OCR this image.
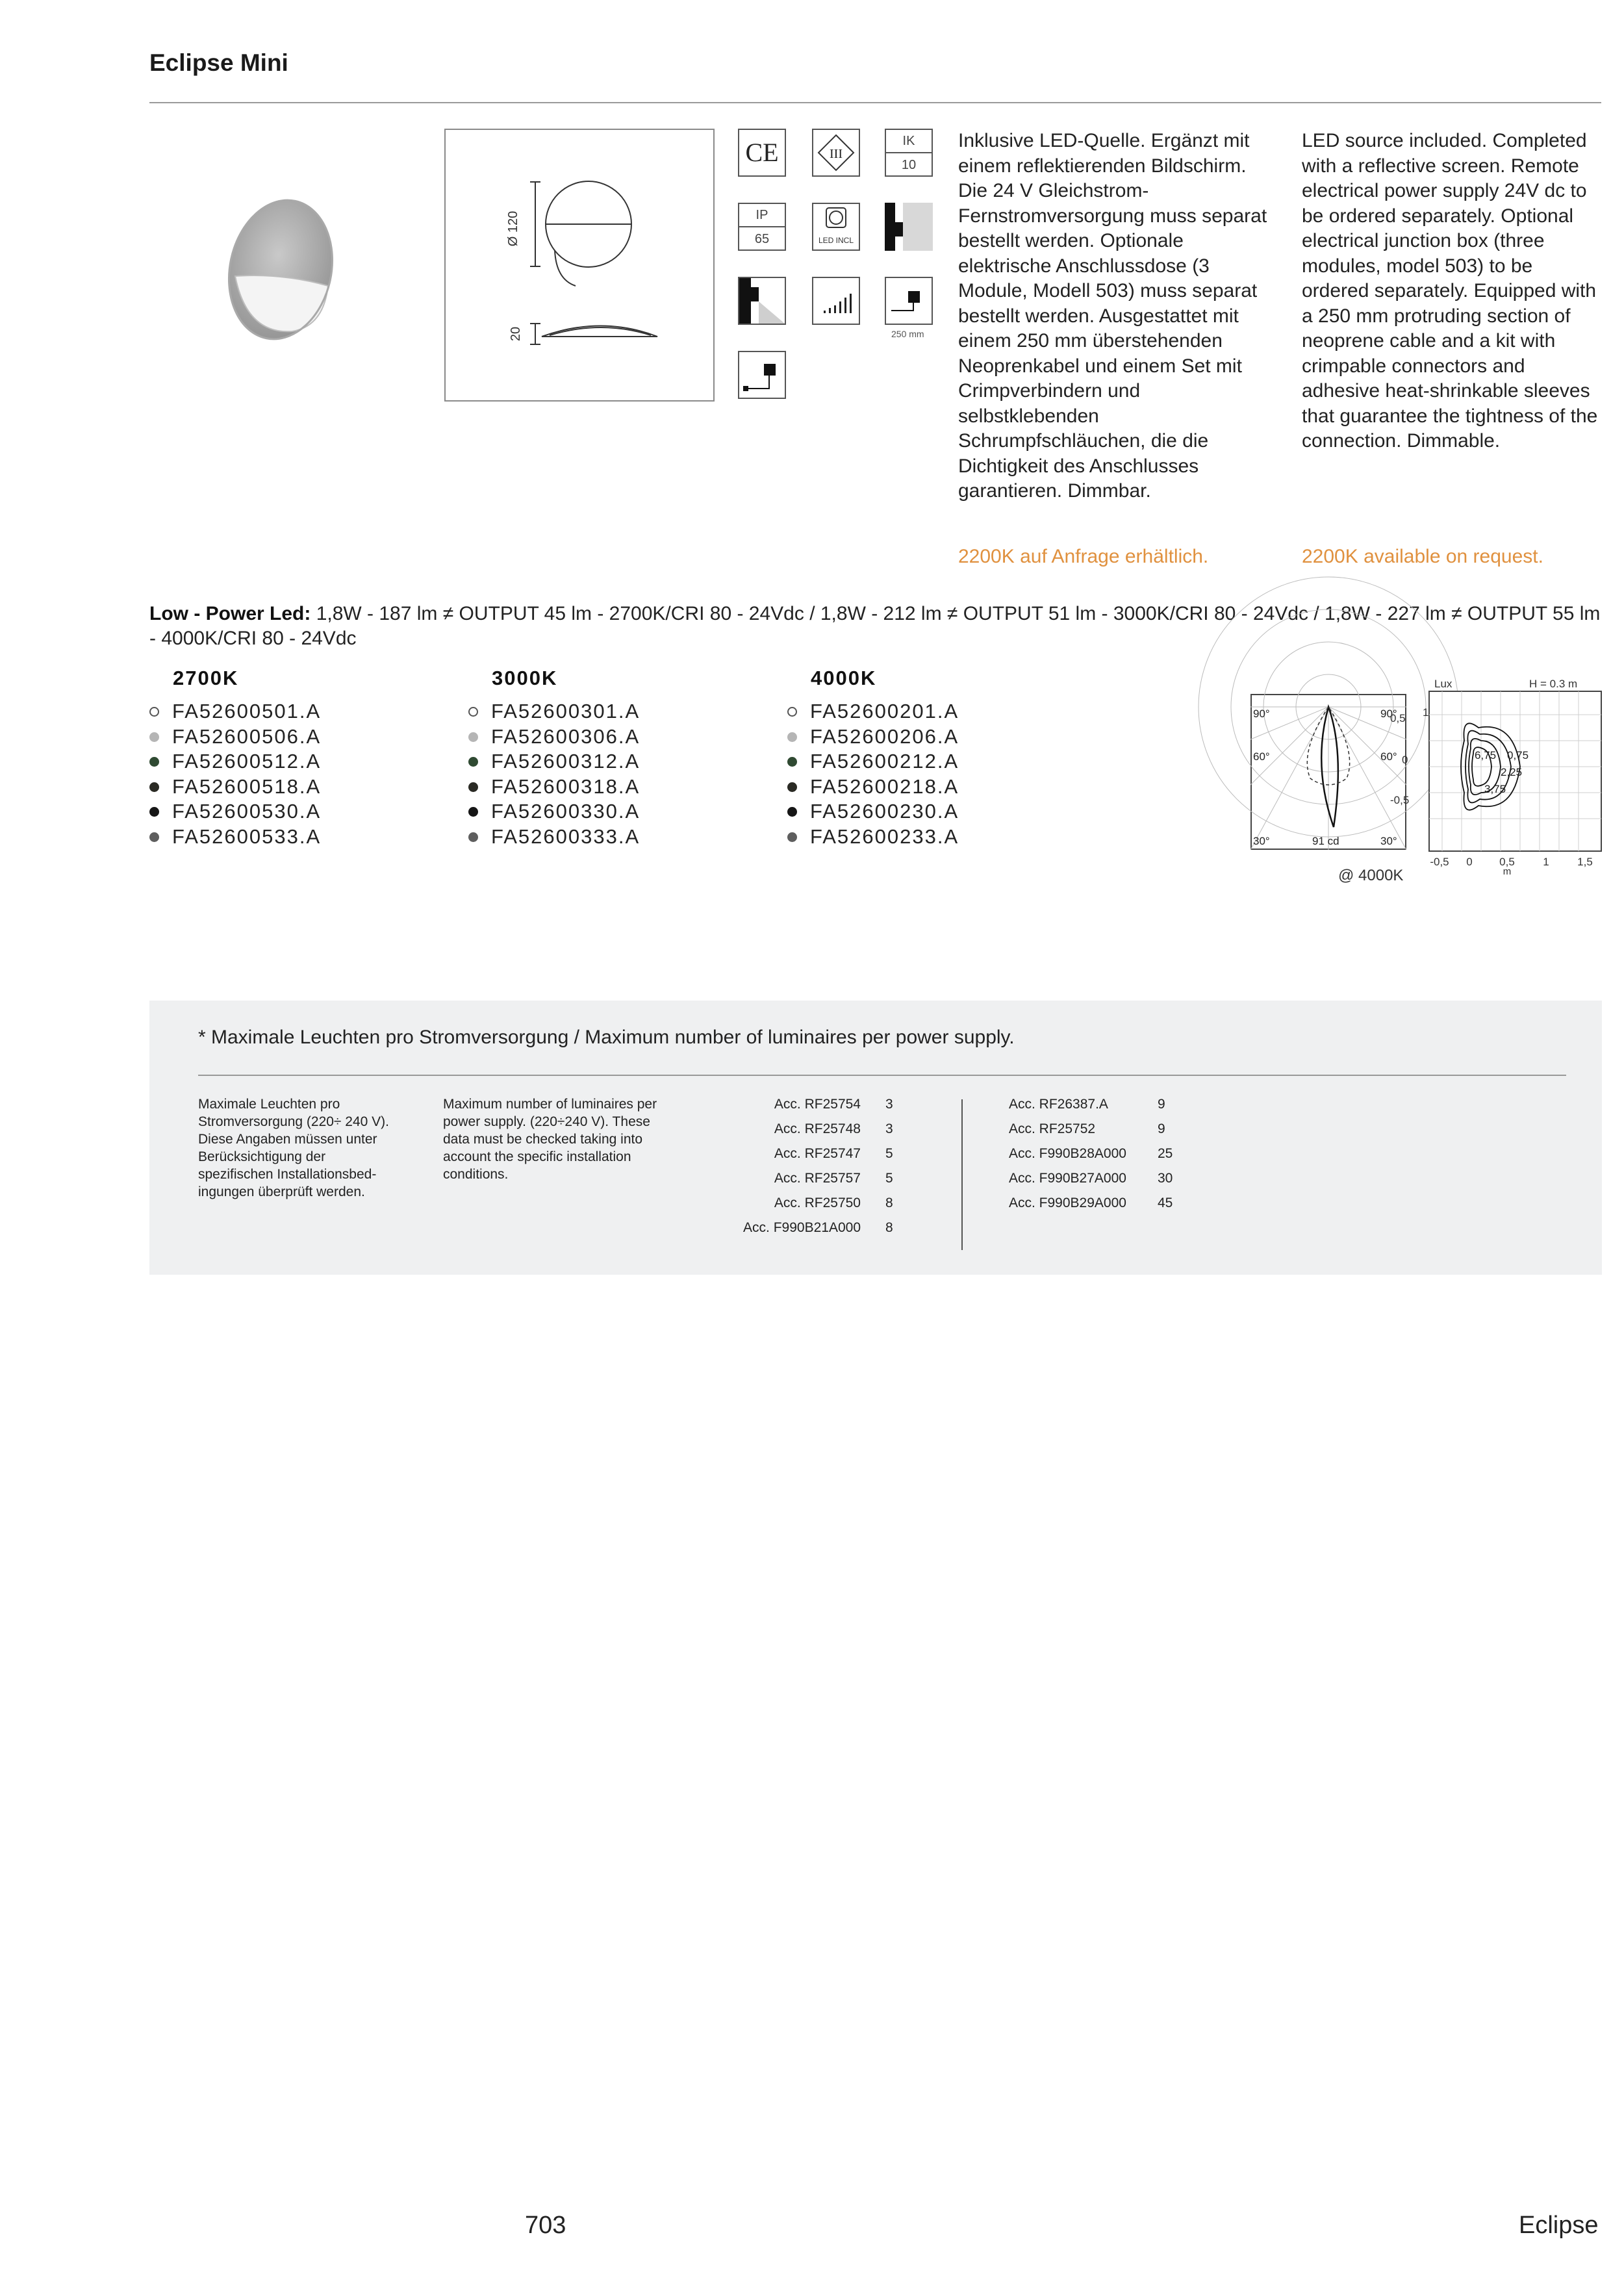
Eclipse Mini
Ø 120
20
CE	III
IK
10
IP
65	LED INCL
250 mm
Inklusive LED-Quelle. Ergänzt mit einem reflektierenden Bildschirm. Die 24 V Gleichstrom-Fernstromversorgung muss separat bestellt werden. Optionale elektrische Anschlussdose (3 Module, Modell 503) muss separat bestellt werden. Ausgestattet mit einem 250 mm überstehenden Neoprenkabel und einem Set mit Crimpverbindern und selbstklebenden Schrumpfschläuchen, die die Dichtigkeit des Anschlusses garantieren. Dimmbar.
LED source included. Completed with a reflective screen. Remote electrical power supply 24V dc to be ordered separately. Optional electrical junction box (three modules, model 503) to be ordered separately. Equipped with a 250 mm protruding section of neoprene cable and a kit with crimpable connectors and adhesive heat-shrinkable sleeves that guarantee the tightness of the connection. Dimmable.
2200K auf Anfrage erhältlich.	2200K available on request.
Low - Power Led: 1,8W - 187 lm ≠ OUTPUT 45 lm - 2700K/CRI 80 - 24Vdc / 1,8W - 212 lm ≠ OUTPUT 51 lm - 3000K/CRI 80 - 24Vdc / 1,8W - 227 lm ≠ OUTPUT 55 lm - 4000K/CRI 80 - 24Vdc
2700K	3000K	4000K
FA52600501.A
FA52600506.A
FA52600512.A
FA52600518.A
FA52600530.A
FA52600533.A
FA52600301.A
FA52600306.A
FA52600312.A
FA52600318.A
FA52600330.A
FA52600333.A
FA52600201.A
FA52600206.A
FA52600212.A
FA52600218.A
FA52600230.A
FA52600233.A
90°	90°
60°	60°
30°	30°
91 cd
Lux	H = 0.3 m
1
6,75 0,75
2,25
3,75
-0,5 0 0,5	1	1,5
m
0,5
0
-0,5
@ 4000K
* Maximale Leuchten pro Stromversorgung / Maximum number of luminaires per power supply.
Maximale Leuchten pro Stromversorgung (220÷ 240 V). Diese Angaben müssen unter Berücksichtigung der spezifischen Installationsbed-ingungen überprüft werden.
Maximum number of luminaires per power supply. (220÷240 V). These data must be checked taking into account the specific installation conditions.
Acc. RF25754 3
Acc. RF25748 3
Acc. RF25747 5
Acc. RF25757 5
Acc. RF25750 8
Acc. F990B21A000 8
Acc. RF26387.A	9
Acc. RF25752	9
Acc. F990B28A000 25
Acc. F990B27A000 30
Acc. F990B29A000 45
703	Eclipse
